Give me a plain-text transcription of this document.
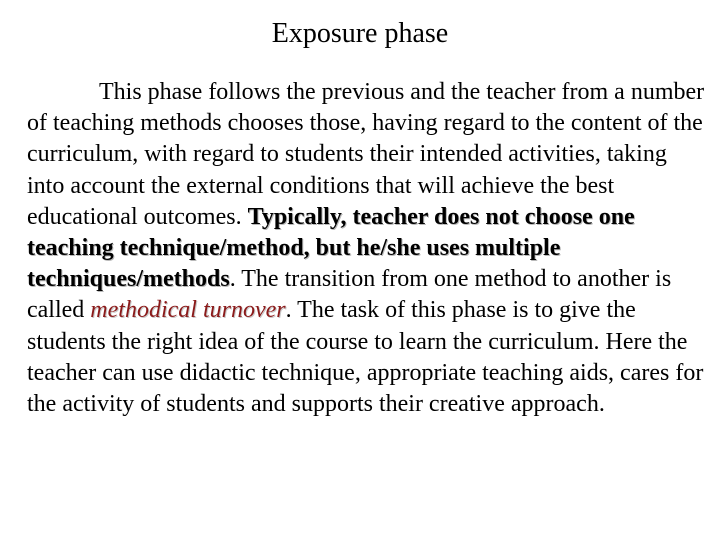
Exposure phase

This phase follows the previous and the teacher from a number of teaching methods chooses those, having regard to the content of the curriculum, with regard to students their intended activities, taking into account the external conditions that will achieve the best educational outcomes. Typically, teacher does not choose one teaching technique/method, but he/she uses multiple techniques/methods. The transition from one method to another is called methodical turnover. The task of this phase is to give the students the right idea of the course to learn the curriculum. Here the teacher can use didactic technique, appropriate teaching aids, cares for the activity of students and supports their creative approach.
